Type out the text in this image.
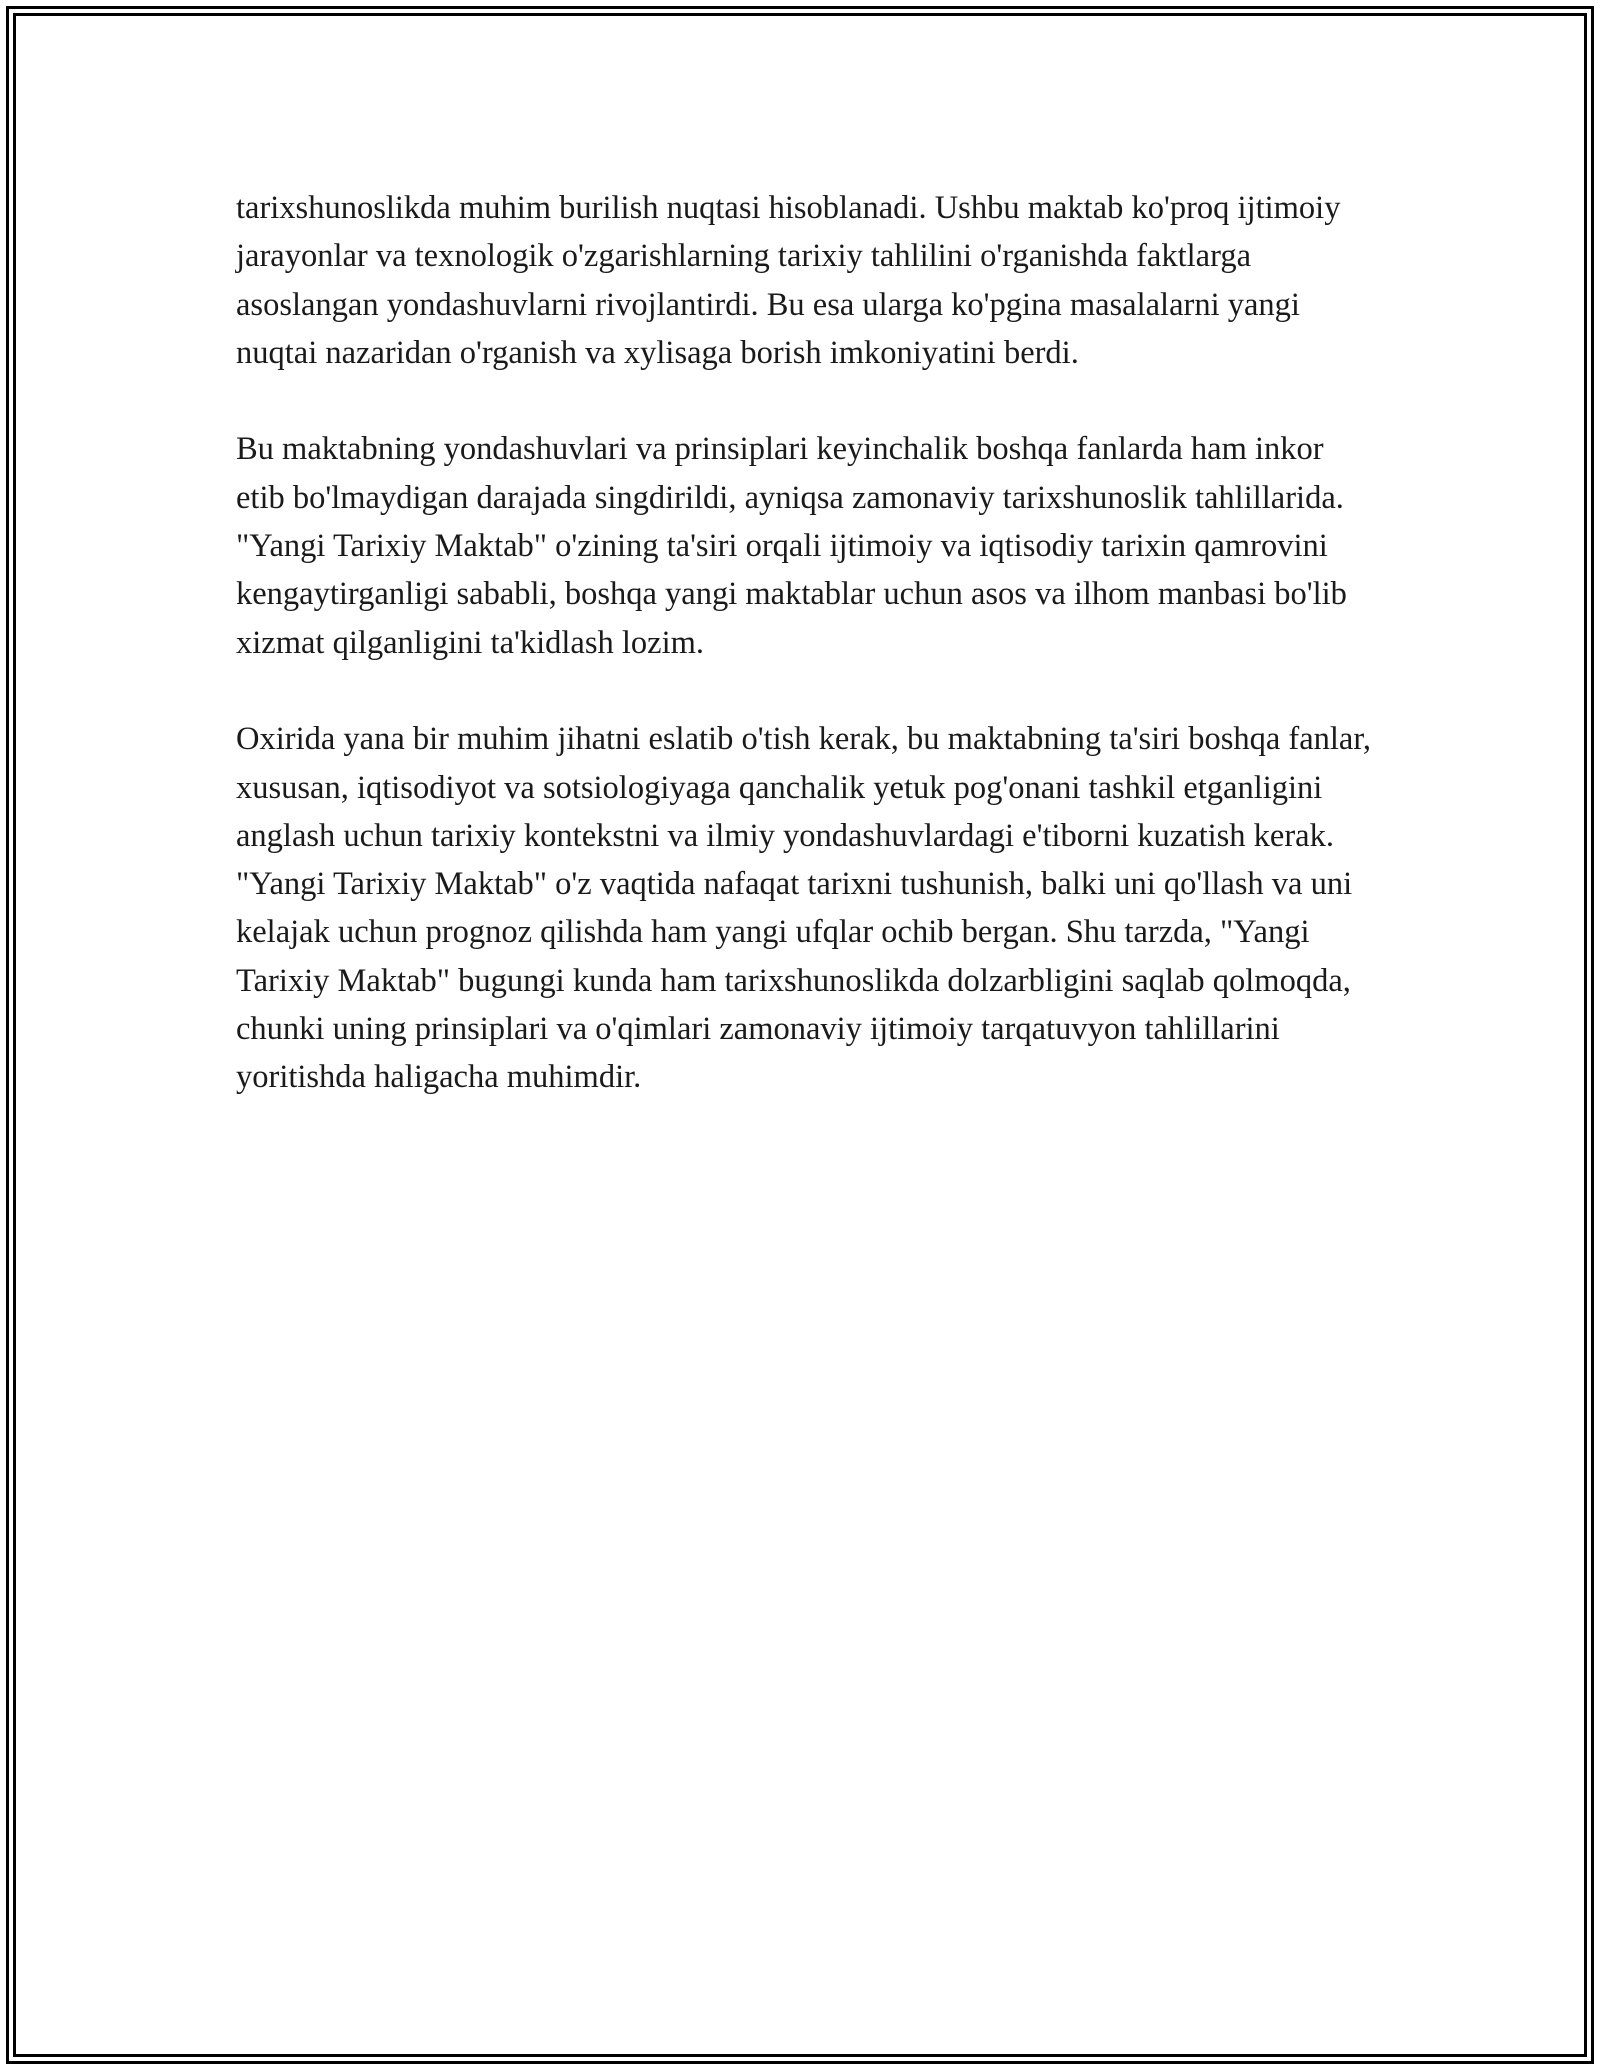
tarixshunoslikda muhim burilish nuqtasi hisoblanadi. Ushbu maktab ko'proq ijtimoiy jarayonlar va texnologik o'zgarishlarning tarixiy tahlilini o'rganishda faktlarga asoslangan yondashuvlarni rivojlantirdi. Bu esa ularga ko'pgina masalalarni yangi nuqtai nazaridan o'rganish va xylisaga borish imkoniyatini berdi.

Bu maktabning yondashuvlari va prinsiplari keyinchalik boshqa fanlarda ham inkor etib bo'lmaydigan darajada singdirildi, ayniqsa zamonaviy tarixshunoslik tahlillarida. "Yangi Tarixiy Maktab" o'zining ta'siri orqali ijtimoiy va iqtisodiy tarixin qamrovini kengaytirganligi sababli, boshqa yangi maktablar uchun asos va ilhom manbasi bo'lib xizmat qilganligini ta'kidlash lozim.

Oxirida yana bir muhim jihatni eslatib o'tish kerak, bu maktabning ta'siri boshqa fanlar, xususan, iqtisodiyot va sotsiologiyaga qanchalik yetuk pog'onani tashkil etganligini anglash uchun tarixiy kontekstni va ilmiy yondashuvlardagi e'tiborni kuzatish kerak. "Yangi Tarixiy Maktab" o'z vaqtida nafaqat tarixni tushunish, balki uni qo'llash va uni kelajak uchun prognoz qilishda ham yangi ufqlar ochib bergan. Shu tarzda, "Yangi Tarixiy Maktab" bugungi kunda ham tarixshunoslikda dolzarbligini saqlab qolmoqda, chunki uning prinsiplari va o'qimlari zamonaviy ijtimoiy tarqatuvyon tahlillarini yoritishda haligacha muhimdir.
